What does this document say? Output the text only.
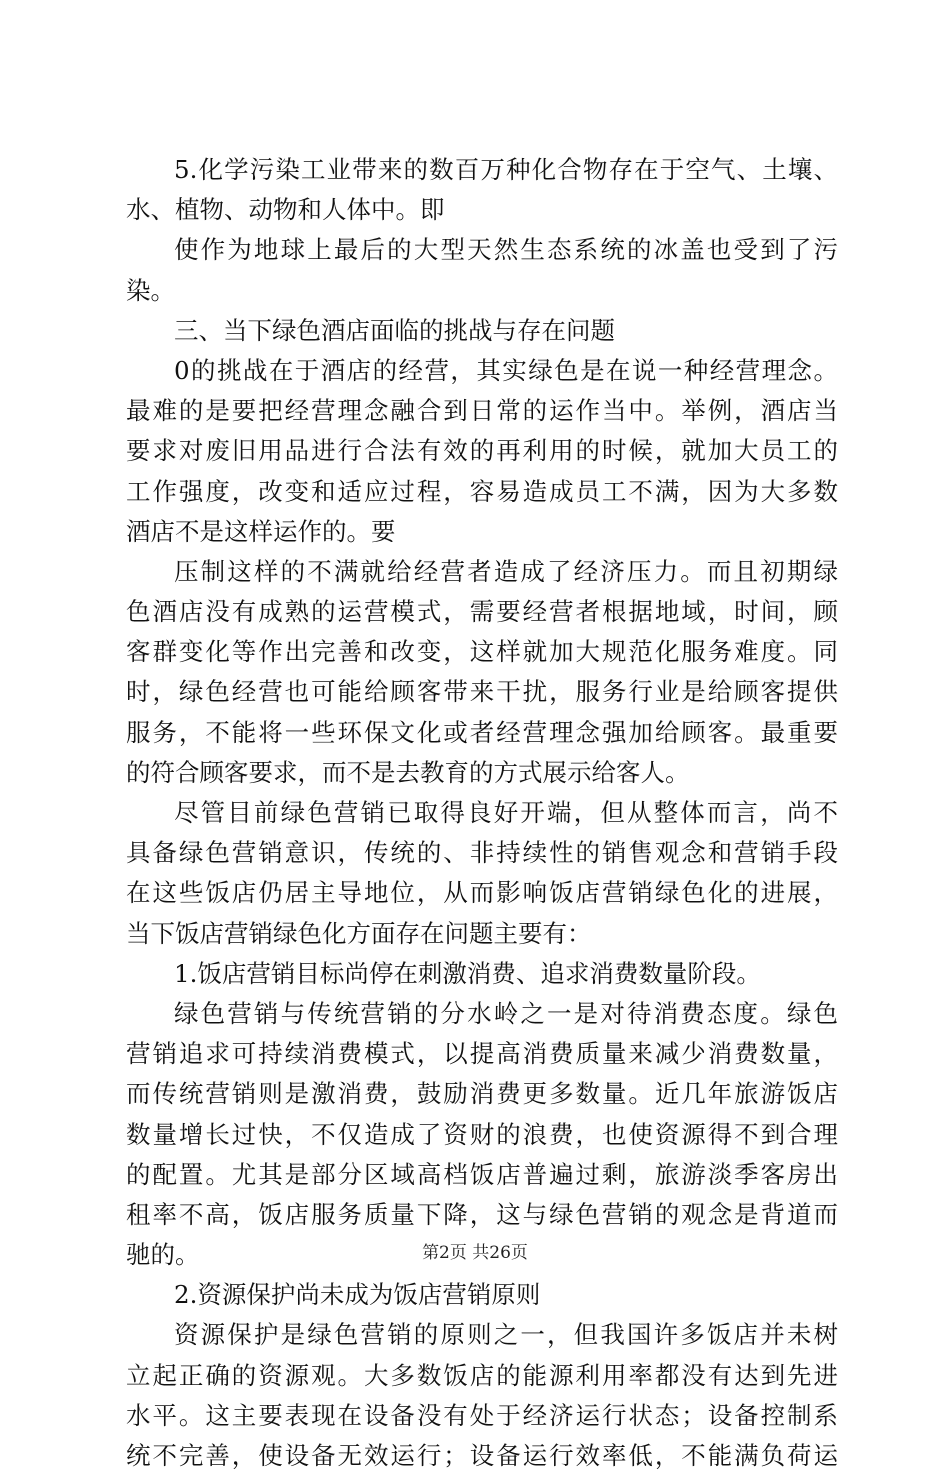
5.化学污染工业带来的数百万种化合物存在于空气、土壤、
水、植物、动物和人体中。即
使作为地球上最后的大型天然生态系统的冰盖也受到了污
染。
三、当下绿色酒店面临的挑战与存在问题
0的挑战在于酒店的经营，其实绿色是在说一种经营理念。
最难的是要把经营理念融合到日常的运作当中。举例，酒店当
要求对废旧用品进行合法有效的再利用的时候，就加大员工的
工作强度，改变和适应过程，容易造成员工不满，因为大多数
酒店不是这样运作的。要
压制这样的不满就给经营者造成了经济压力。而且初期绿
色酒店没有成熟的运营模式，需要经营者根据地域，时间，顾
客群变化等作出完善和改变，这样就加大规范化服务难度。同
时，绿色经营也可能给顾客带来干扰，服务行业是给顾客提供
服务，不能将一些环保文化或者经营理念强加给顾客。最重要
的符合顾客要求，而不是去教育的方式展示给客人。
尽管目前绿色营销已取得良好开端，但从整体而言，尚不
具备绿色营销意识，传统的、非持续性的销售观念和营销手段
在这些饭店仍居主导地位，从而影响饭店营销绿色化的进展，
当下饭店营销绿色化方面存在问题主要有：
1.饭店营销目标尚停在刺激消费、追求消费数量阶段。
绿色营销与传统营销的分水岭之一是对待消费态度。绿色
营销追求可持续消费模式，以提高消费质量来减少消费数量，
而传统营销则是激消费，鼓励消费更多数量。近几年旅游饭店
数量增长过快，不仅造成了资财的浪费，也使资源得不到合理
的配置。尤其是部分区域高档饭店普遍过剩，旅游淡季客房出
租率不高，饭店服务质量下降，这与绿色营销的观念是背道而
驰的。
2.资源保护尚未成为饭店营销原则
资源保护是绿色营销的原则之一，但我国许多饭店并未树
立起正确的资源观。大多数饭店的能源利用率都没有达到先进
水平。这主要表现在设备没有处于经济运行状态；设备控制系
统不完善，使设备无效运行；设备运行效率低，不能满负荷运
第2页 共26页
